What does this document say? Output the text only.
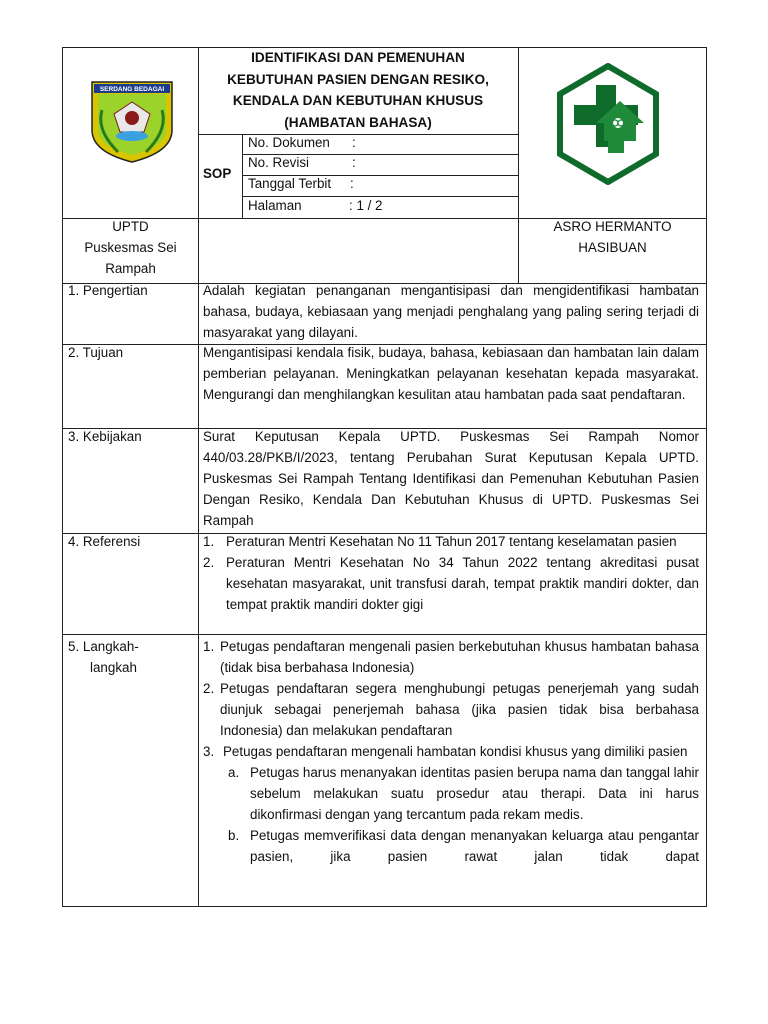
SERDANG BEDAGAI
IDENTIFIKASI DAN PEMENUHAN
KEBUTUHAN PASIEN DENGAN RESIKO,
KENDALA DAN KEBUTUHAN KHUSUS
(HAMBATAN BAHASA)
SOP
No. Dokumen :
No. Revisi	:
Tanggal Terbit :
Halaman	: 1 / 2
UPTD
Puskesmas Sei
Rampah
ASRO HERMANTO
HASIBUAN
1. Pengertian
2. Tujuan
3. Kebijakan
4. Referensi
5. Langkah-
langkah
Adalah kegiatan penanganan mengantisipasi dan mengidentifikasi hambatan bahasa, budaya, kebiasaan yang menjadi penghalang yang paling sering terjadi di masyarakat yang dilayani.
Mengantisipasi kendala fisik, budaya, bahasa, kebiasaan dan hambatan lain dalam pemberian pelayanan. Meningkatkan pelayanan kesehatan kepada masyarakat. Mengurangi dan menghilangkan kesulitan atau hambatan pada saat pendaftaran.
Surat Keputusan Kepala UPTD. Puskesmas Sei Rampah Nomor 440/03.28/PKB/I/2023, tentang Perubahan Surat Keputusan Kepala UPTD. Puskesmas Sei Rampah Tentang Identifikasi dan Pemenuhan Kebutuhan Pasien Dengan Resiko, Kendala Dan Kebutuhan Khusus di UPTD. Puskesmas Sei Rampah
1. Peraturan Mentri Kesehatan No 11 Tahun 2017 tentang keselamatan pasien
2. Peraturan Mentri Kesehatan No 34 Tahun 2022 tentang akreditasi pusat kesehatan masyarakat, unit transfusi darah, tempat praktik mandiri dokter, dan tempat praktik mandiri dokter gigi
1. Petugas pendaftaran mengenali pasien berkebutuhan khusus hambatan bahasa (tidak bisa berbahasa Indonesia)
2. Petugas pendaftaran segera menghubungi petugas penerjemah yang sudah diunjuk sebagai penerjemah bahasa (jika pasien tidak bisa berbahasa Indonesia) dan melakukan pendaftaran
3. Petugas pendaftaran mengenali hambatan kondisi khusus yang dimiliki pasien
a. Petugas harus menanyakan identitas pasien berupa nama dan tanggal lahir sebelum melakukan suatu prosedur atau therapi. Data ini harus dikonfirmasi dengan yang tercantum pada rekam medis.
b. Petugas memverifikasi data dengan menanyakan keluarga atau pengantar pasien, jika pasien rawat jalan tidak dapat
